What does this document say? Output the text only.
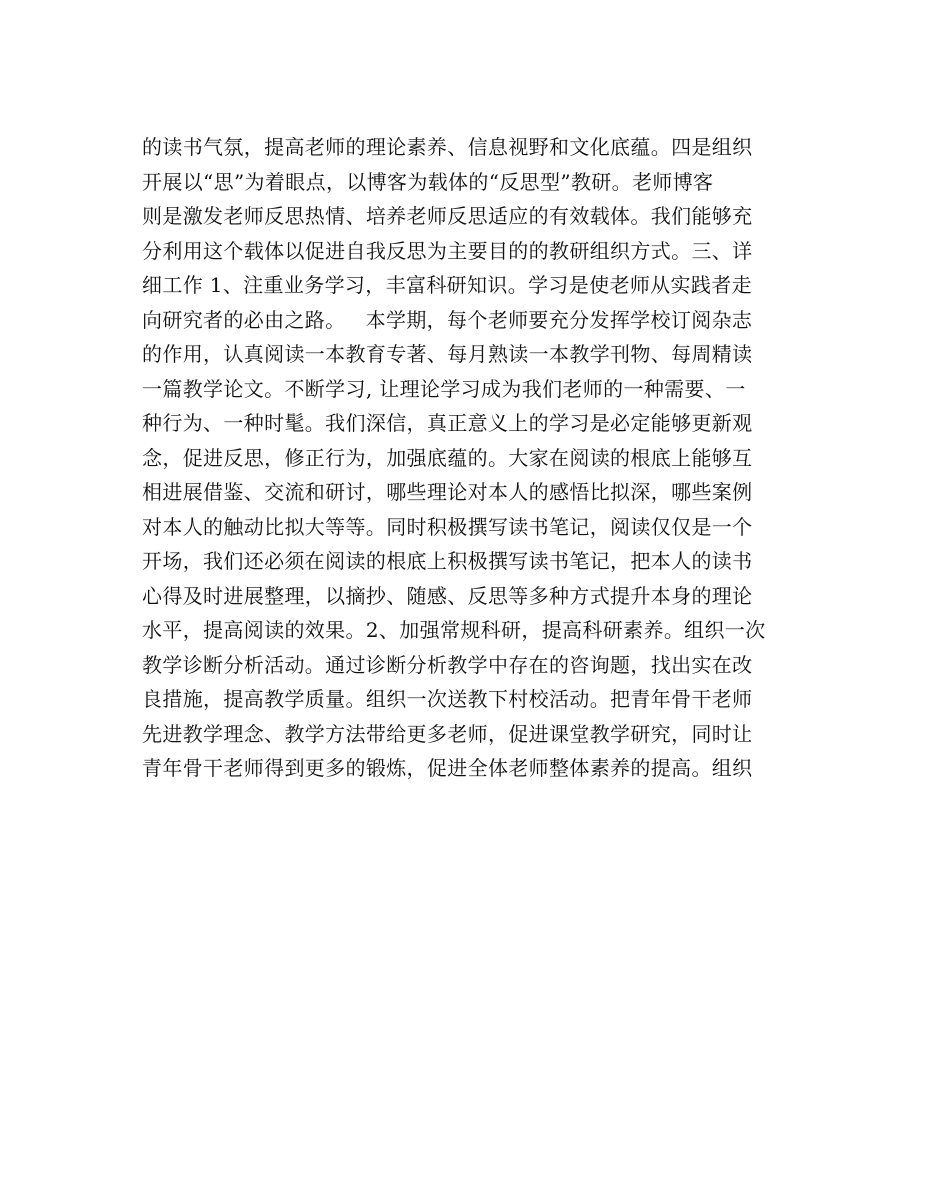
的读书气氛，提高老师的理论素养、信息视野和文化底蕴。四是组织
开展以“思”为着眼点，以博客为载体的“反思型”教研。老师博客
则是激发老师反思热情、培养老师反思适应的有效载体。我们能够充
分利用这个载体以促进自我反思为主要目的的教研组织方式。三、详
细工作 1、注重业务学习，丰富科研知识。学习是使老师从实践者走
向研究者的必由之路。   本学期，每个老师要充分发挥学校订阅杂志
的作用，认真阅读一本教育专著、每月熟读一本教学刊物、每周精读
一篇教学论文。不断学习, 让理论学习成为我们老师的一种需要、一
种行为、一种时髦。我们深信，真正意义上的学习是必定能够更新观
念，促进反思，修正行为，加强底蕴的。大家在阅读的根底上能够互
相进展借鉴、交流和研讨，哪些理论对本人的感悟比拟深，哪些案例
对本人的触动比拟大等等。同时积极撰写读书笔记，阅读仅仅是一个
开场，我们还必须在阅读的根底上积极撰写读书笔记，把本人的读书
心得及时进展整理，以摘抄、随感、反思等多种方式提升本身的理论
水平，提高阅读的效果。2、加强常规科研，提高科研素养。组织一次
教学诊断分析活动。通过诊断分析教学中存在的咨询题，找出实在改
良措施，提高教学质量。组织一次送教下村校活动。把青年骨干老师
先进教学理念、教学方法带给更多老师，促进课堂教学研究，同时让
青年骨干老师得到更多的锻炼，促进全体老师整体素养的提高。组织
